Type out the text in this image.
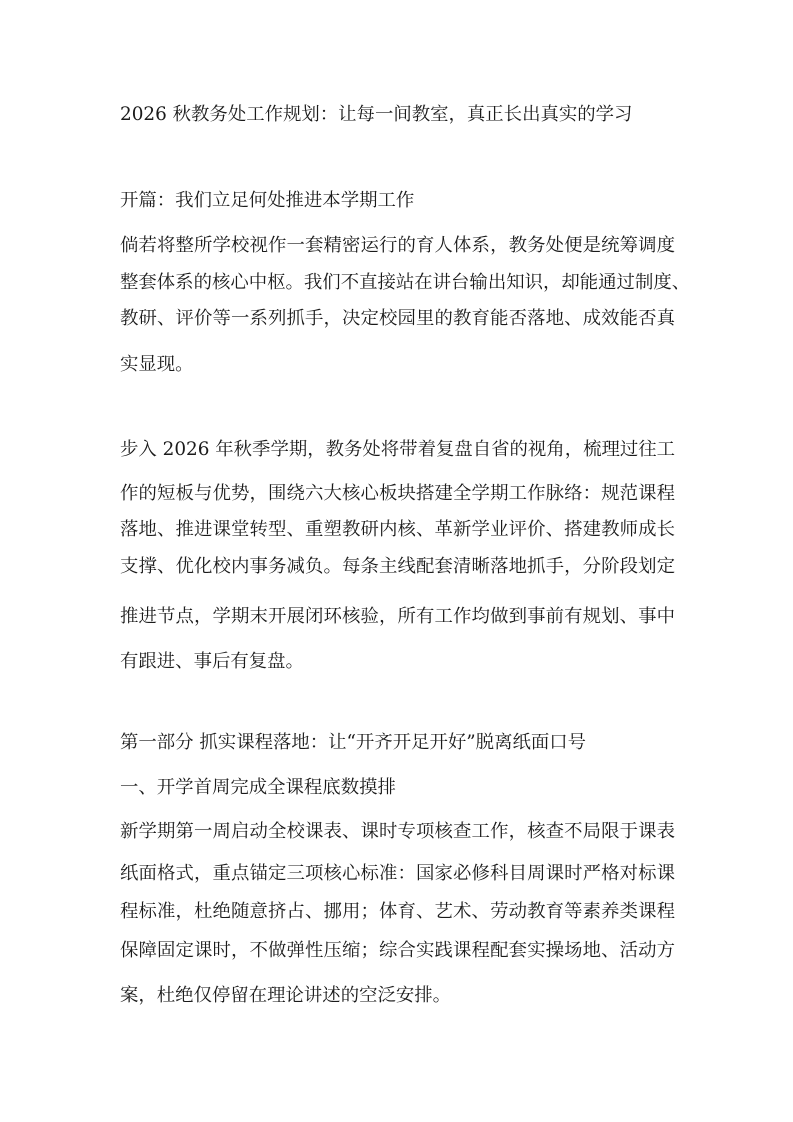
2026 秋教务处工作规划：让每一间教室，真正长出真实的学习
开篇：我们立足何处推进本学期工作
倘若将整所学校视作一套精密运行的育人体系，教务处便是统筹调度
整套体系的核心中枢。我们不直接站在讲台输出知识，却能通过制度、
教研、评价等一系列抓手，决定校园里的教育能否落地、成效能否真
实显现。
步入 2026 年秋季学期，教务处将带着复盘自省的视角，梳理过往工
作的短板与优势，围绕六大核心板块搭建全学期工作脉络：规范课程
落地、推进课堂转型、重塑教研内核、革新学业评价、搭建教师成长
支撑、优化校内事务减负。每条主线配套清晰落地抓手，分阶段划定
推进节点，学期末开展闭环核验，所有工作均做到事前有规划、事中
有跟进、事后有复盘。
第一部分 抓实课程落地：让“开齐开足开好”脱离纸面口号
一、开学首周完成全课程底数摸排
新学期第一周启动全校课表、课时专项核查工作，核查不局限于课表
纸面格式，重点锚定三项核心标准：国家必修科目周课时严格对标课
程标准，杜绝随意挤占、挪用；体育、艺术、劳动教育等素养类课程
保障固定课时，不做弹性压缩；综合实践课程配套实操场地、活动方
案，杜绝仅停留在理论讲述的空泛安排。
